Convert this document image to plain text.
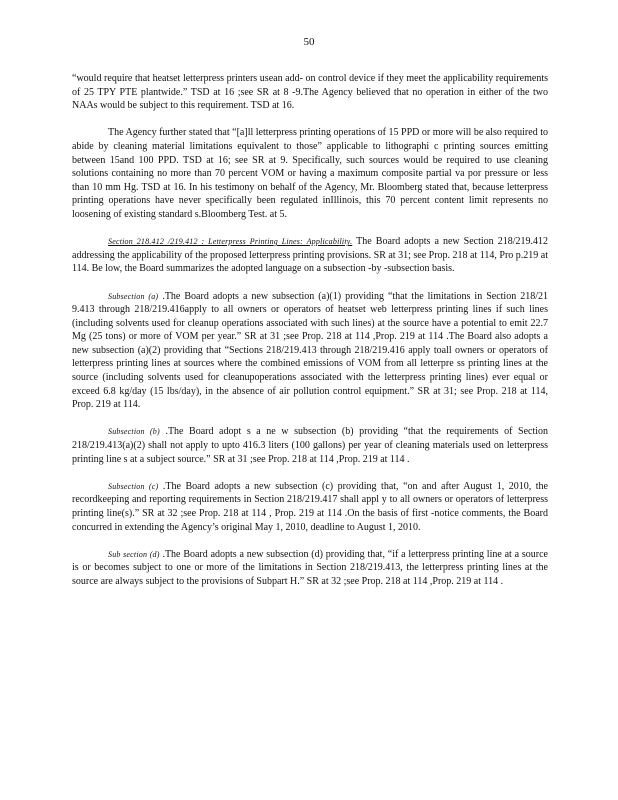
50

“would require that heatset letterpress printers usean add- on control device if they meet the applicability requirements of 25 TPY PTE plantwide.” TSD at 16 ;see SR at 8 -9.The Agency believed that no operation in either of the two NAAs would be subject to this requirement. TSD at 16.

The Agency further stated that “[a]ll letterpress printing operations of 15 PPD or more will be also required to abide by cleaning material limitations equivalent to those” applicable to lithographi c printing sources emitting between 15and 100 PPD. TSD at 16; see SR at 9. Specifically, such sources would be required to use cleaning solutions containing no more than 70 percent VOM or having a maximum composite partial va por pressure or less than 10 mm Hg. TSD at 16. In his testimony on behalf of the Agency, Mr. Bloomberg stated that, because letterpress printing operations have never specifically been regulated inIllinois, this 70 percent content limit represents no loosening of existing standard s.Bloomberg Test. at 5.

Section 218.412 /219.412 : Letterpress Printing Lines: Applicability. The Board adopts a new Section 218/219.412 addressing the applicability of the proposed letterpress printing provisions. SR at 31; see Prop. 218 at 114, Pro p.219 at 114. Be low, the Board summarizes the adopted language on a subsection -by -subsection basis.

Subsection (a) .The Board adopts a new subsection (a)(1) providing “that the limitations in Section 218/21 9.413 through 218/219.416apply to all owners or operators of heatset web letterpress printing lines if such lines (including solvents used for cleanup operations associated with such lines) at the source have a potential to emit 22.7 Mg (25 tons) or more of VOM per year.” SR at 31 ;see Prop. 218 at 114 ,Prop. 219 at 114 .The Board also adopts a new subsection (a)(2) providing that “Sections 218/219.413 through 218/219.416 apply toall owners or operators of letterpress printing lines at sources where the combined emissions of VOM from all letterpre ss printing lines at the source (including solvents used for cleanupoperations associated with the letterpress printing lines) ever equal or exceed 6.8 kg/day (15 lbs/day), in the absence of air pollution control equipment.” SR at 31; see Prop. 218 at 114, Prop. 219 at 114.

Subsection (b) .The Board adopt s a ne w subsection (b) providing “that the requirements of Section 218/219.413(a)(2) shall not apply to upto 416.3 liters (100 gallons) per year of cleaning materials used on letterpress printing line s at a subject source.” SR at 31 ;see Prop. 218 at 114 ,Prop. 219 at 114 .

Subsection (c) .The Board adopts a new subsection (c) providing that, “on and after August 1, 2010, the recordkeeping and reporting requirements in Section 218/219.417 shall appl y to all owners or operators of letterpress printing line(s).” SR at 32 ;see Prop. 218 at 114 , Prop. 219 at 114 .On the basis of first -notice comments, the Board concurred in extending the Agency’s original May 1, 2010, deadline to August 1, 2010.

Sub section (d) .The Board adopts a new subsection (d) providing that, “if a letterpress printing line at a source is or becomes subject to one or more of the limitations in Section 218/219.413, the letterpress printing lines at the source are always subject to the provisions of Subpart H.” SR at 32 ;see Prop. 218 at 114 ,Prop. 219 at 114 .
